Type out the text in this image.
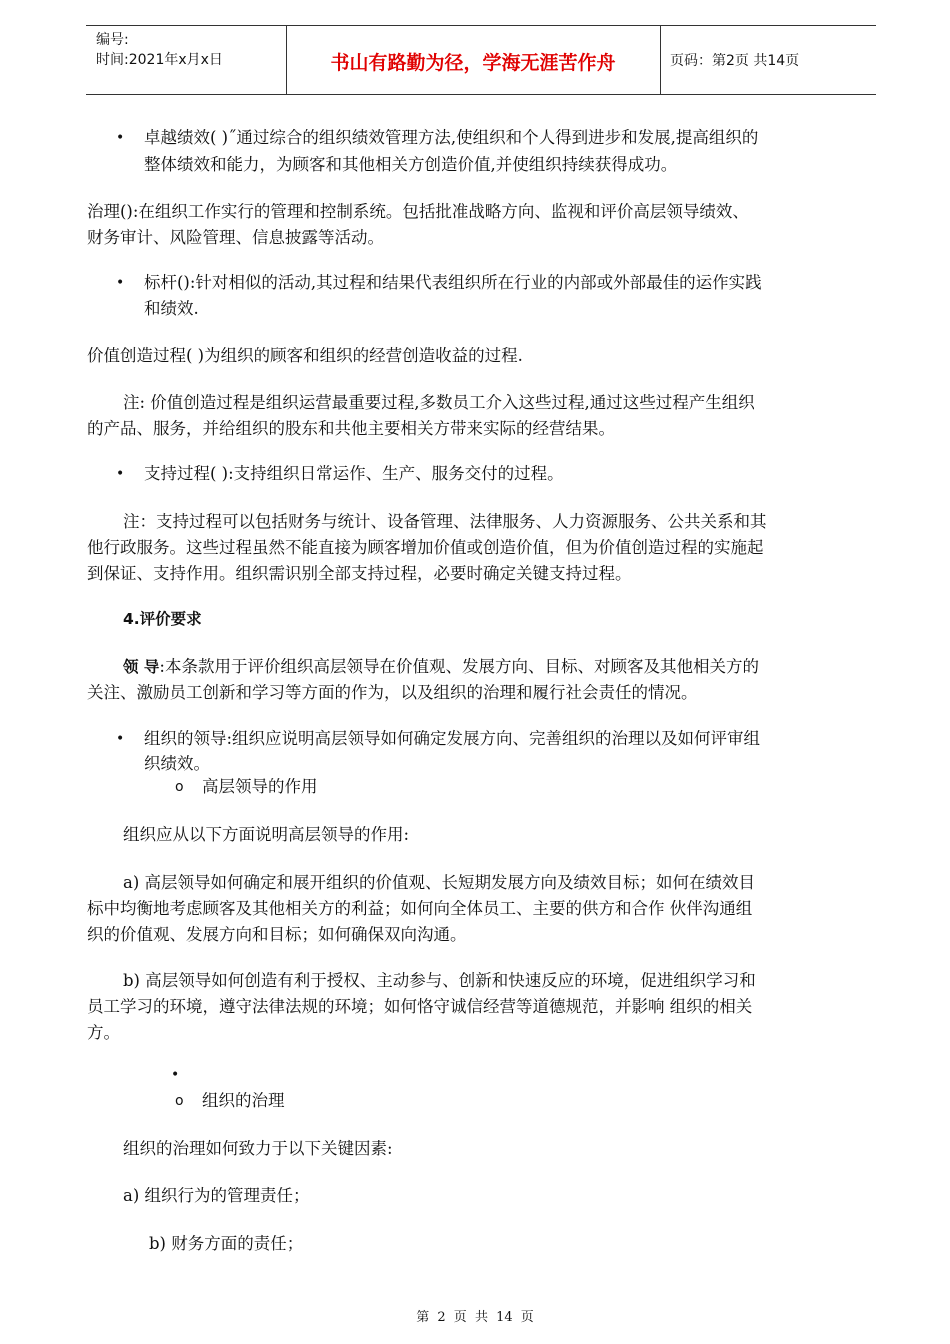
编号:
时间:2021年x月x日	书山有路勤为径，学海无涯苦作舟	页码：第2页 共14页
• 卓越绩效( )˝通过综合的组织绩效管理方法,使组织和个人得到进步和发展,提高组织的
整体绩效和能力，为顾客和其他相关方创造价值,并使组织持续获得成功。
治理():在组织工作实行的管理和控制系统。包括批准战略方向、监视和评价高层领导绩效、
财务审计、风险管理、信息披露等活动。
• 标杆():针对相似的活动,其过程和结果代表组织所在行业的内部或外部最佳的运作实践
和绩效.
价值创造过程( )为组织的顾客和组织的经营创造收益的过程.
注: 价值创造过程是组织运营最重要过程,多数员工介入这些过程,通过这些过程产生组织
的产品、服务，并给组织的股东和共他主要相关方带来实际的经营结果。
• 支持过程( ):支持组织日常运作、生产、服务交付的过程。
注：支持过程可以包括财务与统计、设备管理、法律服务、人力资源服务、公共关系和其
他行政服务。这些过程虽然不能直接为顾客增加价值或创造价值，但为价值创造过程的实施起
到保证、支持作用。组织需识别全部支持过程，必要时确定关键支持过程。
4.评价要求
领 导:本条款用于评价组织高层领导在价值观、发展方向、目标、对顾客及其他相关方的
关注、激励员工创新和学习等方面的作为，以及组织的治理和履行社会责任的情况。
• 组织的领导:组织应说明高层领导如何确定发展方向、完善组织的治理以及如何评审组
织绩效。
o 高层领导的作用
组织应从以下方面说明高层领导的作用:
a) 高层领导如何确定和展开组织的价值观、长短期发展方向及绩效目标；如何在绩效目
标中均衡地考虑顾客及其他相关方的利益；如何向全体员工、主要的供方和合作 伙伴沟通组
织的价值观、发展方向和目标；如何确保双向沟通。
b) 高层领导如何创造有利于授权、主动参与、创新和快速反应的环境，促进组织学习和
员工学习的环境，遵守法律法规的环境；如何恪守诚信经营等道德规范，并影响 组织的相关
方。
•
o 组织的治理
组织的治理如何致力于以下关键因素:
a) 组织行为的管理责任；
b) 财务方面的责任；
第 2 页 共 14 页
